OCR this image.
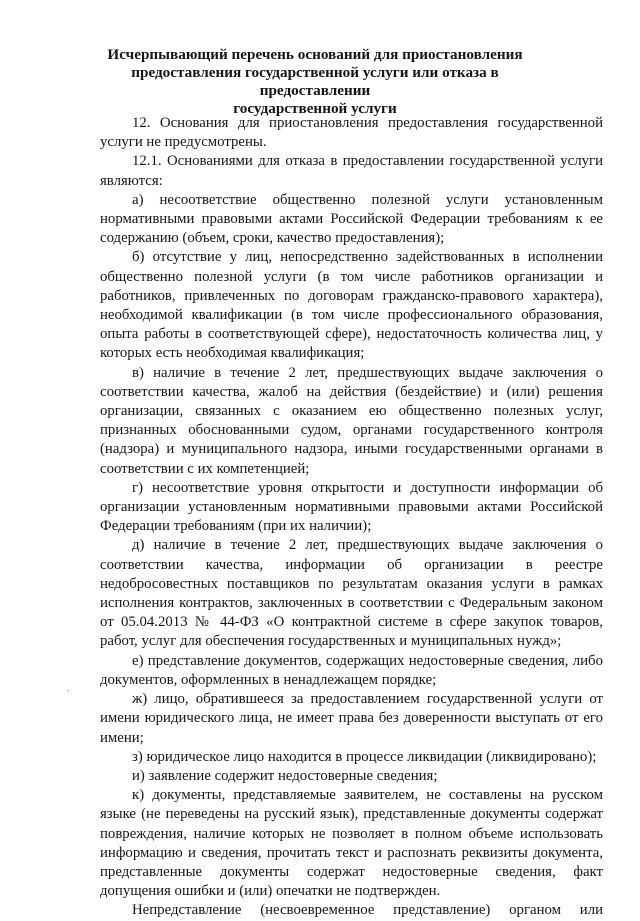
Исчерпывающий перечень оснований для приостановления
предоставления государственной услуги или отказа в предоставлении
государственной услуги

12. Основания для приостановления предоставления государственной услуги не предусмотрены.

12.1. Основаниями для отказа в предоставлении государственной услуги являются:

а) несоответствие общественно полезной услуги установленным нормативными правовыми актами Российской Федерации требованиям к ее содержанию (объем, сроки, качество предоставления);

б) отсутствие у лиц, непосредственно задействованных в исполнении общественно полезной услуги (в том числе работников организации и работников, привлеченных по договорам гражданско-правового характера), необходимой квалификации (в том числе профессионального образования, опыта работы в соответствующей сфере), недостаточность количества лиц, у которых есть необходимая квалификация;

в) наличие в течение 2 лет, предшествующих выдаче заключения о соответствии качества, жалоб на действия (бездействие) и (или) решения организации, связанных с оказанием ею общественно полезных услуг, признанных обоснованными судом, органами государственного контроля (надзора) и муниципального надзора, иными государственными органами в соответствии с их компетенцией;

г) несоответствие уровня открытости и доступности информации об организации установленным нормативными правовыми актами Российской Федерации требованиям (при их наличии);

д) наличие в течение 2 лет, предшествующих выдаче заключения о соответствии качества, информации об организации в реестре недобросовестных поставщиков по результатам оказания услуги в рамках исполнения контрактов, заключенных в соответствии с Федеральным законом от 05.04.2013 № 44-ФЗ «О контрактной системе в сфере закупок товаров, работ, услуг для обеспечения государственных и муниципальных нужд»;

е) представление документов, содержащих недостоверные сведения, либо документов, оформленных в ненадлежащем порядке;

ж) лицо, обратившееся за предоставлением государственной услуги от имени юридического лица, не имеет права без доверенности выступать от его имени;

з) юридическое лицо находится в процессе ликвидации (ликвидировано);

и) заявление содержит недостоверные сведения;

к) документы, представляемые заявителем, не составлены на русском языке (не переведены на русский язык), представленные документы содержат повреждения, наличие которых не позволяет в полном объеме использовать информацию и сведения, прочитать текст и распознать реквизиты документа, представленные документы содержат недостоверные сведения, факт допущения ошибки и (или) опечатки не подтвержден.

Непредставление (несвоевременное представление) органом или
